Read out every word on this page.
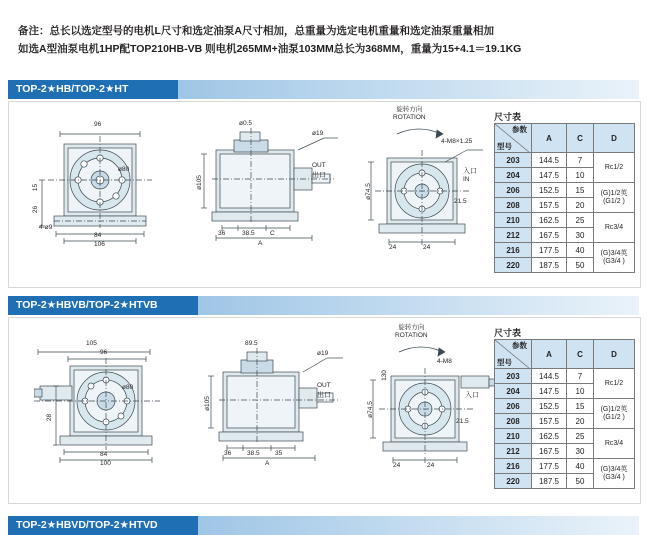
备注：总长以选定型号的电机L尺寸和选定油泵A尺寸相加，总重量为选定电机重量和选定油泵重量相加
如选A型油泵电机1HP配TOP210HB-VB 则电机265MM+油泵103MM总长为368MM，重量为15+4.1＝19.1KG
TOP-2★HB/TOP-2★HT
96
84
106
15
26
4-ø9
ø80
ø0.5
ø19
OUT
出口
ø105
36	38.5 C
A
旋转方向
ROTATION
4-M8×1.25
ø74.5
24	24
入口
IN
21.5
尺寸表
参数
型号	A	C	D
203	144.5	7	Rc1/2
204	147.5	10	
206	152.5	15	(G)1/2英 (G1/2 )
208	157.5	20	
210	162.5	25	Rc3/4
212	167.5	30	
216	177.5	40	(G)3/4英 (G3/4 )
220	187.5	50	
TOP-2★HBVB/TOP-2★HTVB
105
96
84
100
28
ø80
89.5
ø19
OUT
出口
ø105
36 38.5 35
A
旋转方向
ROTATION
4-M8
ø74.5
24	24
入口
21.5
130
尺寸表
参数
型号	A	C	D
203	144.5	7	Rc1/2
204	147.5	10	
206	152.5	15	(G)1/2英 (G1/2 )
208	157.5	20	
210	162.5	25	Rc3/4
212	167.5	30	
216	177.5	40	(G)3/4英 (G3/4 )
220	187.5	50	
TOP-2★HBVD/TOP-2★HTVD
